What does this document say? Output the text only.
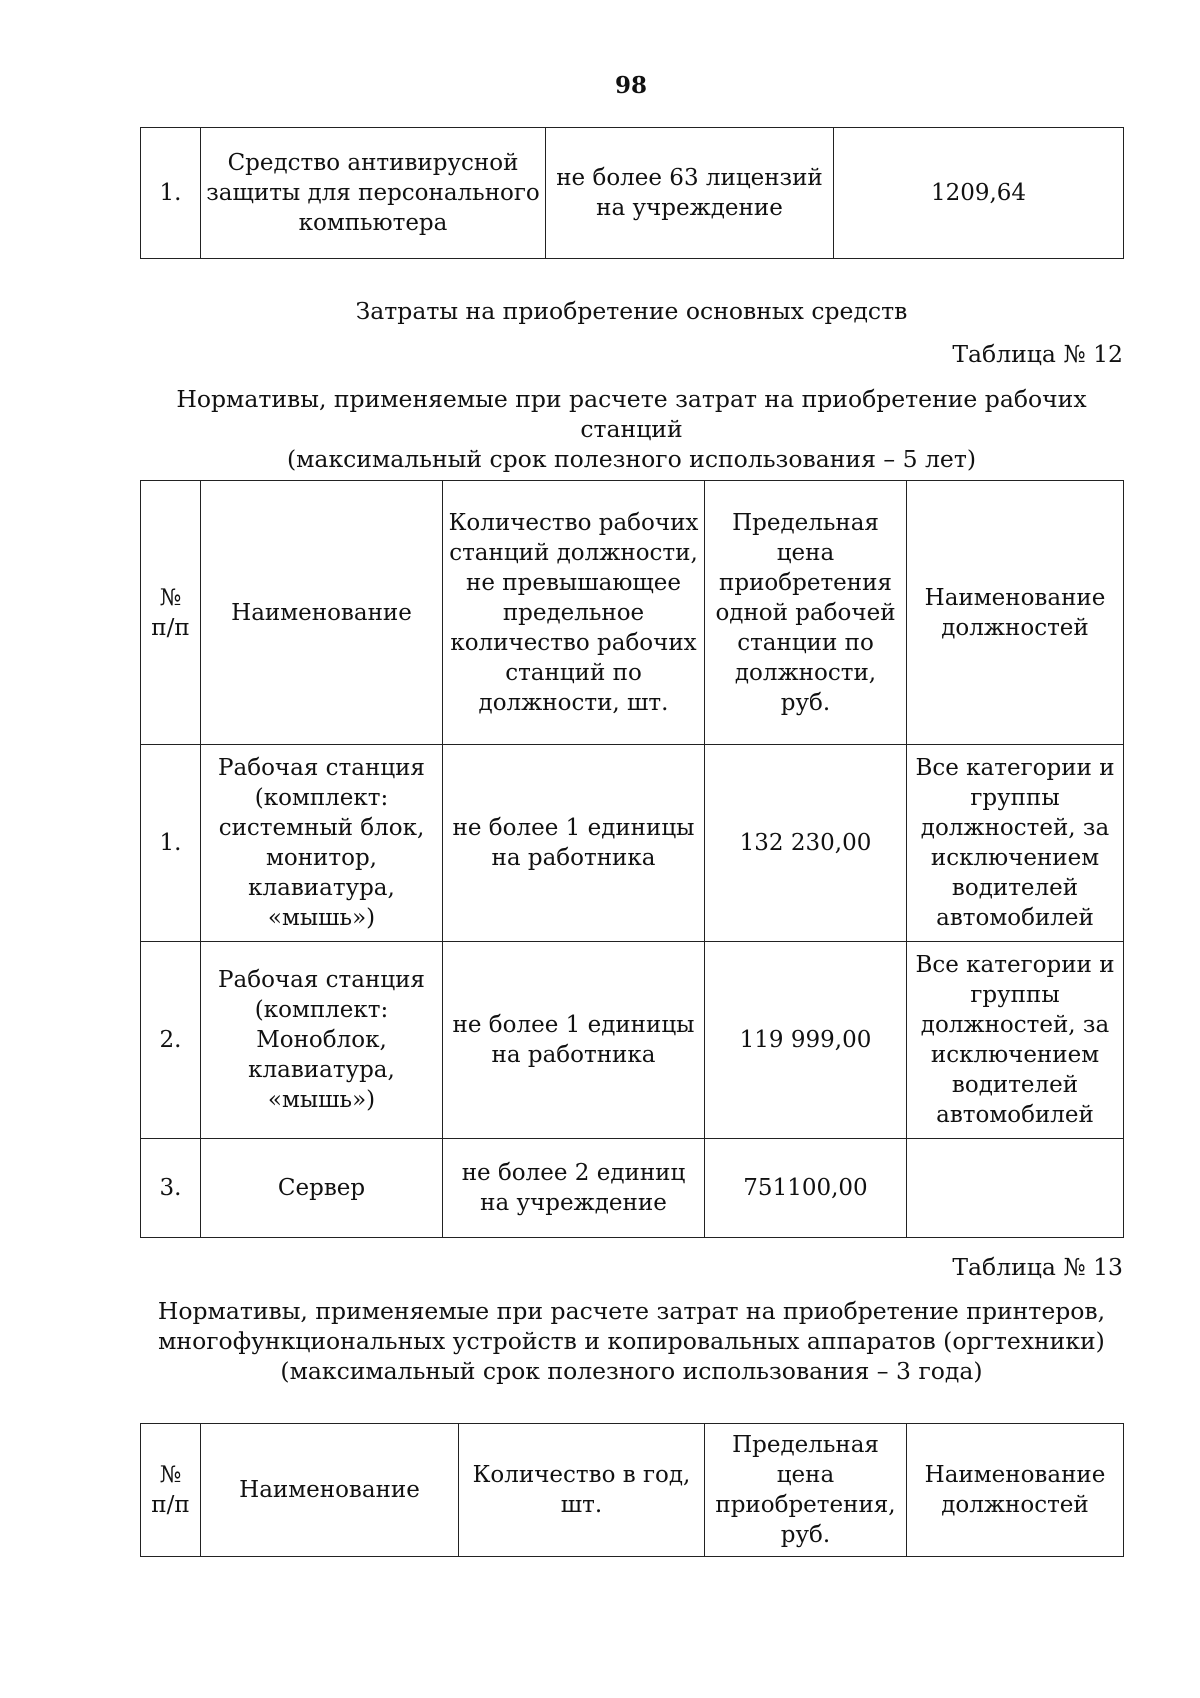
98
1.	Средство антивирусной защиты для персонального компьютера	не более 63 лицензий на учреждение	1209,64
Затраты на приобретение основных средств
Таблица № 12
Нормативы, применяемые при расчете затрат на приобретение рабочих станций
(максимальный срок полезного использования – 5 лет)
№ п/п	Наименование	Количество рабочих станций должности, не превышающее предельное количество рабочих станций по должности, шт.	Предельная цена приобретения одной рабочей станции по должности, руб.	Наименование должностей
1.	Рабочая станция (комплект: системный блок, монитор, клавиатура, «мышь»)	не более 1 единицы на работника	132 230,00	Все категории и группы должностей, за исключением водителей автомобилей
2.	Рабочая станция (комплект: Моноблок, клавиатура, «мышь»)	не более 1 единицы на работника	119 999,00	Все категории и группы должностей, за исключением водителей автомобилей
3.	Сервер	не более 2 единиц на учреждение	751100,00	
Таблица № 13
Нормативы, применяемые при расчете затрат на приобретение принтеров,
многофункциональных устройств и копировальных аппаратов (оргтехники)
(максимальный срок полезного использования – 3 года)
№ п/п	Наименование	Количество в год, шт.	Предельная цена приобретения, руб.	Наименование должностей
